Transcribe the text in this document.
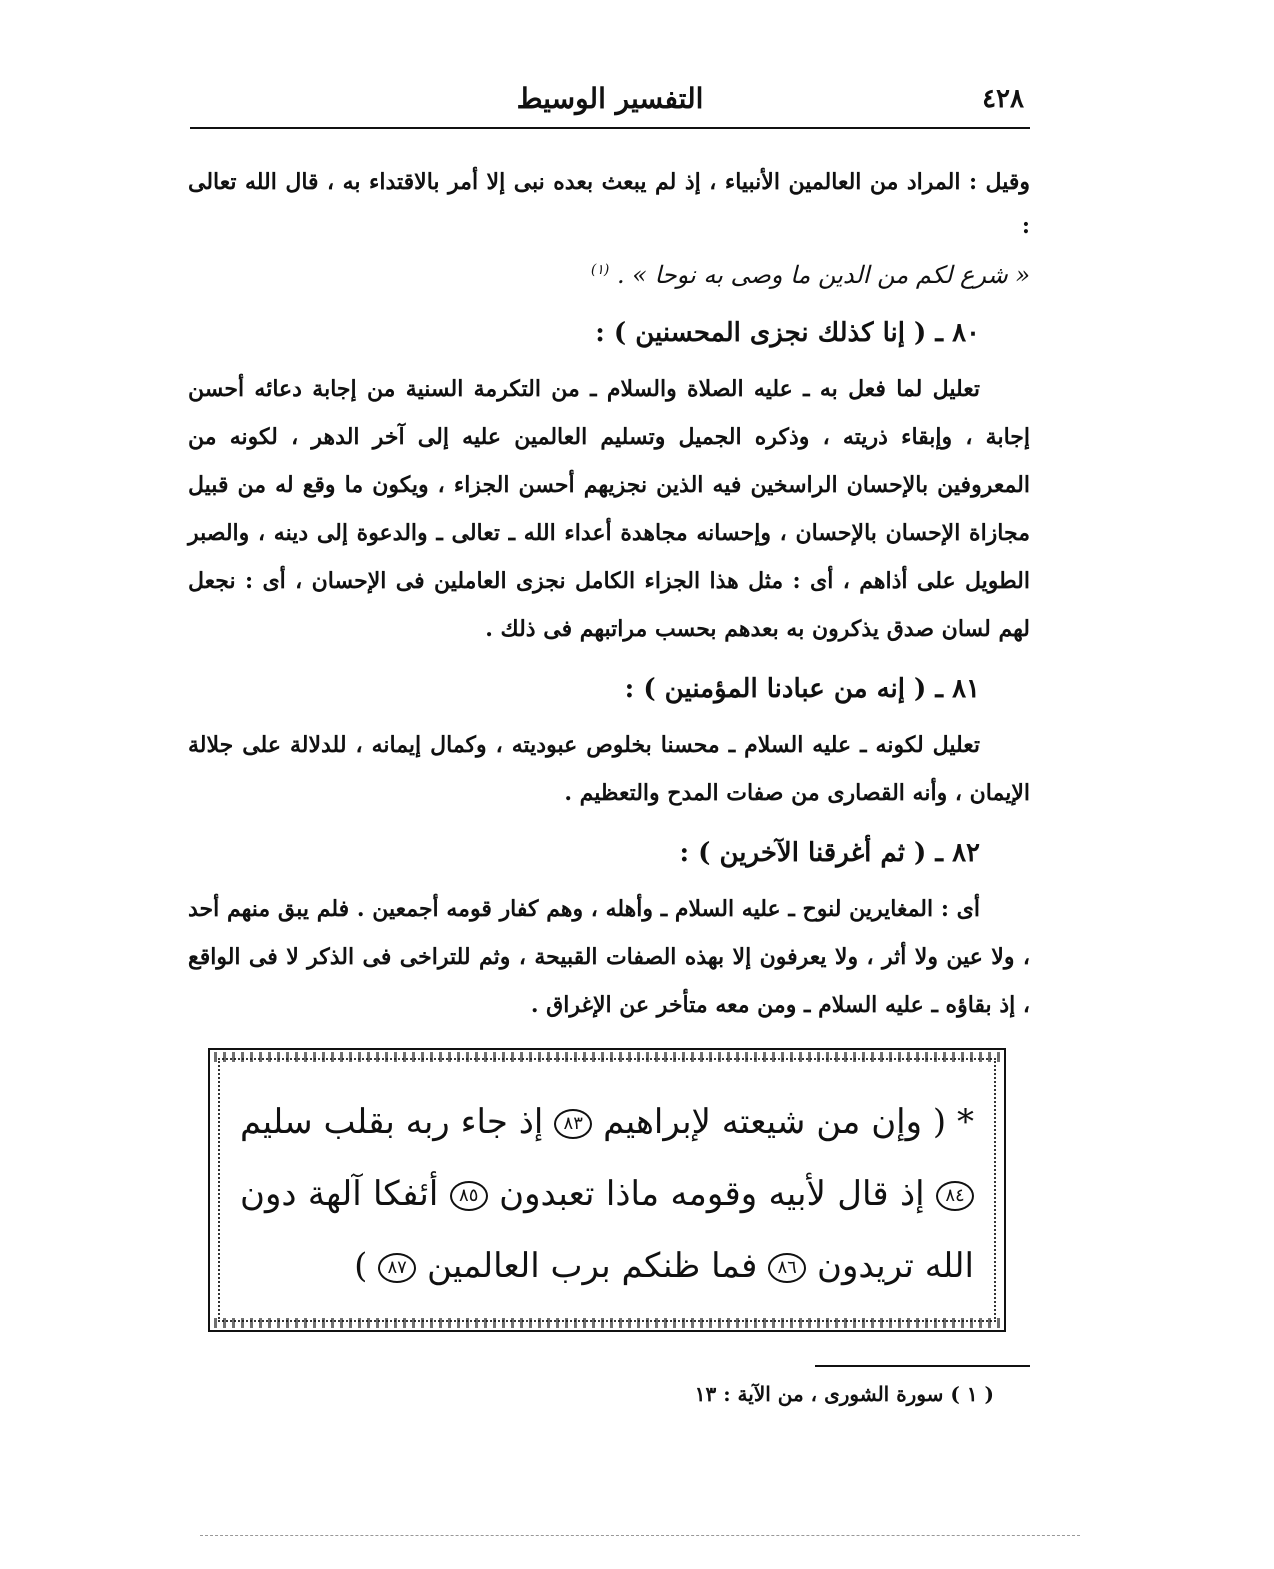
٤٢٨
التفسير الوسيط

وقيل : المراد من العالمين الأنبياء ، إذ لم يبعث بعده نبى إلا أمر بالاقتداء به ، قال الله تعالى :

« شرع لكم من الدين ما وصى به نوحا » . $^{(١)}$

٨٠ ـ ( إنا كذلك نجزى المحسنين ) :

تعليل لما فعل به ـ عليه الصلاة والسلام ـ من التكرمة السنية من إجابة دعائه أحسن إجابة ، وإبقاء ذريته ، وذكره الجميل وتسليم العالمين عليه إلى آخر الدهر ، لكونه من المعروفين بالإحسان الراسخين فيه الذين نجزيهم أحسن الجزاء ، ويكون ما وقع له من قبيل مجازاة الإحسان بالإحسان ، وإحسانه مجاهدة أعداء الله ـ تعالى ـ والدعوة إلى دينه ، والصبر الطويل على أذاهم ، أى : مثل هذا الجزاء الكامل نجزى العاملين فى الإحسان ، أى : نجعل لهم لسان صدق يذكرون به بعدهم بحسب مراتبهم فى ذلك .

٨١ ـ ( إنه من عبادنا المؤمنين ) :

تعليل لكونه ـ عليه السلام ـ محسنا بخلوص عبوديته ، وكمال إيمانه ، للدلالة على جلالة الإيمان ، وأنه القصارى من صفات المدح والتعظيم .

٨٢ ـ ( ثم أغرقنا الآخرين ) :

أى : المغايرين لنوح ـ عليه السلام ـ وأهله ، وهم كفار قومه أجمعين . فلم يبق منهم أحد ، ولا عين ولا أثر ، ولا يعرفون إلا بهذه الصفات القبيحة ، وثم للتراخى فى الذكر لا فى الواقع ، إذ بقاؤه ـ عليه السلام ـ ومن معه متأخر عن الإغراق .

* ( وإن من شيعته لإبراهيم ٨٣ إذ جاء ربه بقلب سليم ٨٤ إذ قال لأبيه وقومه ماذا تعبدون ٨٥ أئفكا آلهة دون الله تريدون ٨٦ فما ظنكم برب العالمين ٨٧ )
( ١ ) سورة الشورى ، من الآية : ١٣
